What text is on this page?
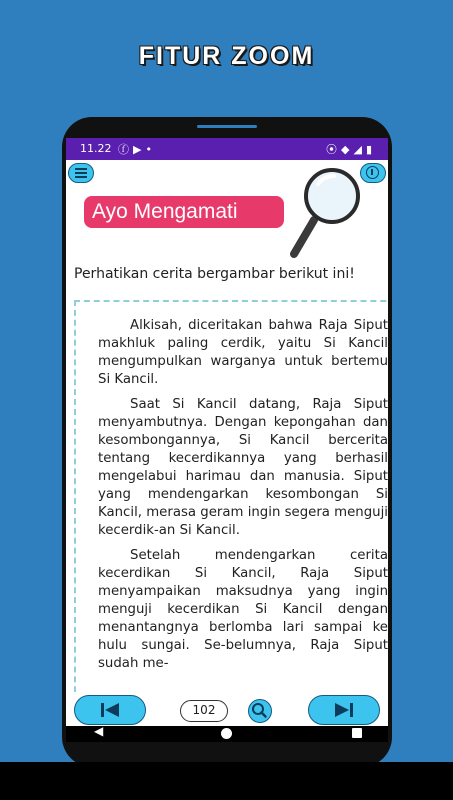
FITUR ZOOM
11.22 ⓕ▶•	⦿◆◢▮
Ayo Mengamati
Perhatikan cerita bergambar berikut ini!

Alkisah, diceritakan bahwa Raja Siput makhluk paling cerdik, yaitu Si Kancil mengumpulkan warganya untuk bertemu Si Kancil.

Saat Si Kancil datang, Raja Siput menyambutnya. Dengan kepongahan dan kesombongannya, Si Kancil bercerita tentang kecerdikannya yang berhasil mengelabui harimau dan manusia. Siput yang mendengarkan kesombongan Si Kancil, merasa geram ingin segera menguji kecerdik-an Si Kancil.

Setelah mendengarkan cerita kecerdikan Si Kancil, Raja Siput menyampaikan maksudnya yang ingin menguji kecerdikan Si Kancil dengan menantangnya berlomba lari sampai ke hulu sungai. Se-belumnya, Raja Siput sudah me-

102
◀
